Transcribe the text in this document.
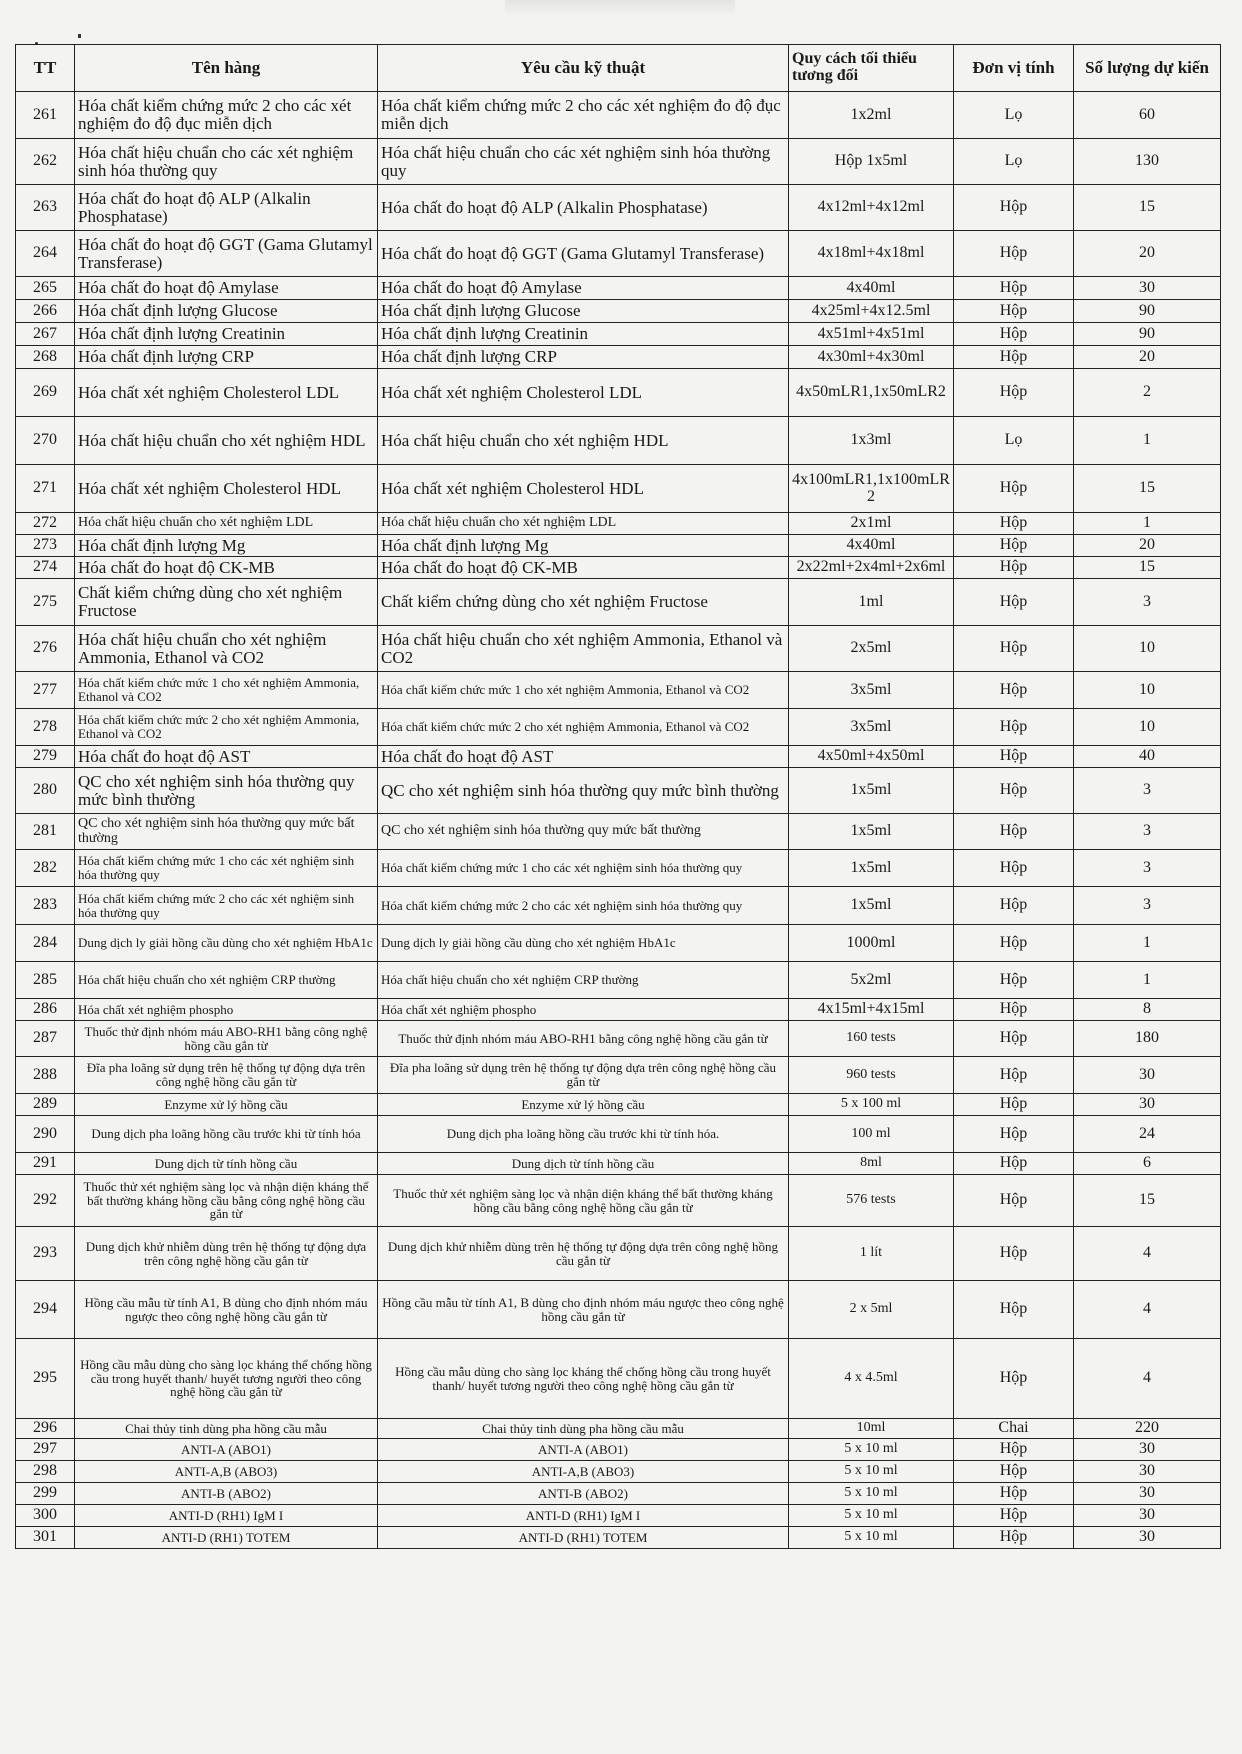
TT	Tên hàng	Yêu cầu kỹ thuật	Quy cách tối thiểu tương đối	Đơn vị tính	Số lượng dự kiến
261	Hóa chất kiểm chứng mức 2 cho các xét nghiệm đo độ đục miễn dịch	Hóa chất kiểm chứng mức 2 cho các xét nghiệm đo độ đục miễn dịch	1x2ml	Lọ	60
262	Hóa chất hiệu chuẩn cho các xét nghiệm sinh hóa thường quy	Hóa chất hiệu chuẩn cho các xét nghiệm sinh hóa thường quy	Hộp 1x5ml	Lọ	130
263	Hóa chất đo hoạt độ ALP (Alkalin Phosphatase)	Hóa chất đo hoạt độ ALP (Alkalin Phosphatase)	4x12ml+4x12ml	Hộp	15
264	Hóa chất đo hoạt độ GGT (Gama Glutamyl Transferase)	Hóa chất đo hoạt độ GGT (Gama Glutamyl Transferase)	4x18ml+4x18ml	Hộp	20
265	Hóa chất đo hoạt độ Amylase	Hóa chất đo hoạt độ Amylase	4x40ml	Hộp	30
266	Hóa chất định lượng Glucose	Hóa chất định lượng Glucose	4x25ml+4x12.5ml	Hộp	90
267	Hóa chất định lượng Creatinin	Hóa chất định lượng Creatinin	4x51ml+4x51ml	Hộp	90
268	Hóa chất định lượng CRP	Hóa chất định lượng CRP	4x30ml+4x30ml	Hộp	20
269	Hóa chất xét nghiệm Cholesterol LDL	Hóa chất xét nghiệm Cholesterol LDL	4x50mLR1,1x50mLR2	Hộp	2
270	Hóa chất hiệu chuẩn cho xét nghiệm HDL	Hóa chất hiệu chuẩn cho xét nghiệm HDL	1x3ml	Lọ	1
271	Hóa chất xét nghiệm Cholesterol HDL	Hóa chất xét nghiệm Cholesterol HDL	4x100mLR1,1x100mLR 2	Hộp	15
272	Hóa chất hiệu chuẩn cho xét nghiệm LDL	Hóa chất hiệu chuẩn cho xét nghiệm LDL	2x1ml	Hộp	1
273	Hóa chất định lượng Mg	Hóa chất định lượng Mg	4x40ml	Hộp	20
274	Hóa chất đo hoạt độ CK-MB	Hóa chất đo hoạt độ CK-MB	2x22ml+2x4ml+2x6ml	Hộp	15
275	Chất kiểm chứng dùng cho xét nghiệm Fructose	Chất kiểm chứng dùng cho xét nghiệm Fructose	1ml	Hộp	3
276	Hóa chất hiệu chuẩn cho xét nghiệm Ammonia, Ethanol và CO2	Hóa chất hiệu chuẩn cho xét nghiệm Ammonia, Ethanol và CO2	2x5ml	Hộp	10
277	Hóa chất kiểm chức mức 1 cho xét nghiệm Ammonia, Ethanol và CO2	Hóa chất kiểm chức mức 1 cho xét nghiệm Ammonia, Ethanol và CO2	3x5ml	Hộp	10
278	Hóa chất kiểm chức mức 2 cho xét nghiệm Ammonia, Ethanol và CO2	Hóa chất kiểm chức mức 2 cho xét nghiệm Ammonia, Ethanol và CO2	3x5ml	Hộp	10
279	Hóa chất đo hoạt độ AST	Hóa chất đo hoạt độ AST	4x50ml+4x50ml	Hộp	40
280	QC cho xét nghiệm sinh hóa thường quy mức bình thường	QC cho xét nghiệm sinh hóa thường quy mức bình thường	1x5ml	Hộp	3
281	QC cho xét nghiệm sinh hóa thường quy mức bất thường	QC cho xét nghiệm sinh hóa thường quy mức bất thường	1x5ml	Hộp	3
282	Hóa chất kiểm chứng mức 1 cho các xét nghiệm sinh hóa thường quy	Hóa chất kiểm chứng mức 1 cho các xét nghiệm sinh hóa thường quy	1x5ml	Hộp	3
283	Hóa chất kiểm chứng mức 2 cho các xét nghiệm sinh hóa thường quy	Hóa chất kiểm chứng mức 2 cho các xét nghiệm sinh hóa thường quy	1x5ml	Hộp	3
284	Dung dịch ly giải hồng cầu dùng cho xét nghiệm HbA1c	Dung dịch ly giải hồng cầu dùng cho xét nghiệm HbA1c	1000ml	Hộp	1
285	Hóa chất hiệu chuẩn cho xét nghiệm CRP thường	Hóa chất hiệu chuẩn cho xét nghiệm CRP thường	5x2ml	Hộp	1
286	Hóa chất xét nghiệm phospho	Hóa chất xét nghiệm phospho	4x15ml+4x15ml	Hộp	8
287	Thuốc thử định nhóm máu ABO-RH1 bằng công nghệ hồng cầu gắn từ	Thuốc thử định nhóm máu ABO-RH1 bằng công nghệ hồng cầu gắn từ	160 tests	Hộp	180
288	Đĩa pha loãng sử dụng trên hệ thống tự động dựa trên công nghệ hồng cầu gắn từ	Đĩa pha loãng sử dụng trên hệ thống tự động dựa trên công nghệ hồng cầu gắn từ	960 tests	Hộp	30
289	Enzyme xử lý hồng cầu	Enzyme xử lý hồng cầu	5 x 100 ml	Hộp	30
290	Dung dịch pha loãng hồng cầu trước khi từ tính hóa	Dung dịch pha loãng hồng cầu trước khi từ tính hóa.	100 ml	Hộp	24
291	Dung dịch từ tính hồng cầu	Dung dịch từ tính hồng cầu	8ml	Hộp	6
292	Thuốc thử xét nghiệm sàng lọc và nhận diện kháng thể bất thường kháng hồng cầu bằng công nghệ hồng cầu gắn từ	Thuốc thử xét nghiệm sàng lọc và nhận diện kháng thể bất thường kháng hồng cầu bằng công nghệ hồng cầu gắn từ	576 tests	Hộp	15
293	Dung dịch khử nhiễm dùng trên hệ thống tự động dựa trên công nghệ hồng cầu gắn từ	Dung dịch khử nhiễm dùng trên hệ thống tự động dựa trên công nghệ hồng cầu gắn từ	1 lít	Hộp	4
294	Hồng cầu mẫu từ tính A1, B dùng cho định nhóm máu ngược theo công nghệ hồng cầu gắn từ	Hồng cầu mẫu từ tính A1, B dùng cho định nhóm máu ngược theo công nghệ hồng cầu gắn từ	2 x 5ml	Hộp	4
295	Hồng cầu mẫu dùng cho sàng lọc kháng thể chống hồng cầu trong huyết thanh/ huyết tương người theo công nghệ hồng cầu gắn từ	Hồng cầu mẫu dùng cho sàng lọc kháng thể chống hồng cầu trong huyết thanh/ huyết tương người theo công nghệ hồng cầu gắn từ	4 x 4.5ml	Hộp	4
296	Chai thủy tinh dùng pha hồng cầu mẫu	Chai thủy tinh dùng pha hồng cầu mẫu	10ml	Chai	220
297	ANTI-A (ABO1)	ANTI-A (ABO1)	5 x 10 ml	Hộp	30
298	ANTI-A,B (ABO3)	ANTI-A,B (ABO3)	5 x 10 ml	Hộp	30
299	ANTI-B (ABO2)	ANTI-B (ABO2)	5 x 10 ml	Hộp	30
300	ANTI-D (RH1) IgM I	ANTI-D (RH1) IgM I	5 x 10 ml	Hộp	30
301	ANTI-D (RH1) TOTEM	ANTI-D (RH1) TOTEM	5 x 10 ml	Hộp	30
